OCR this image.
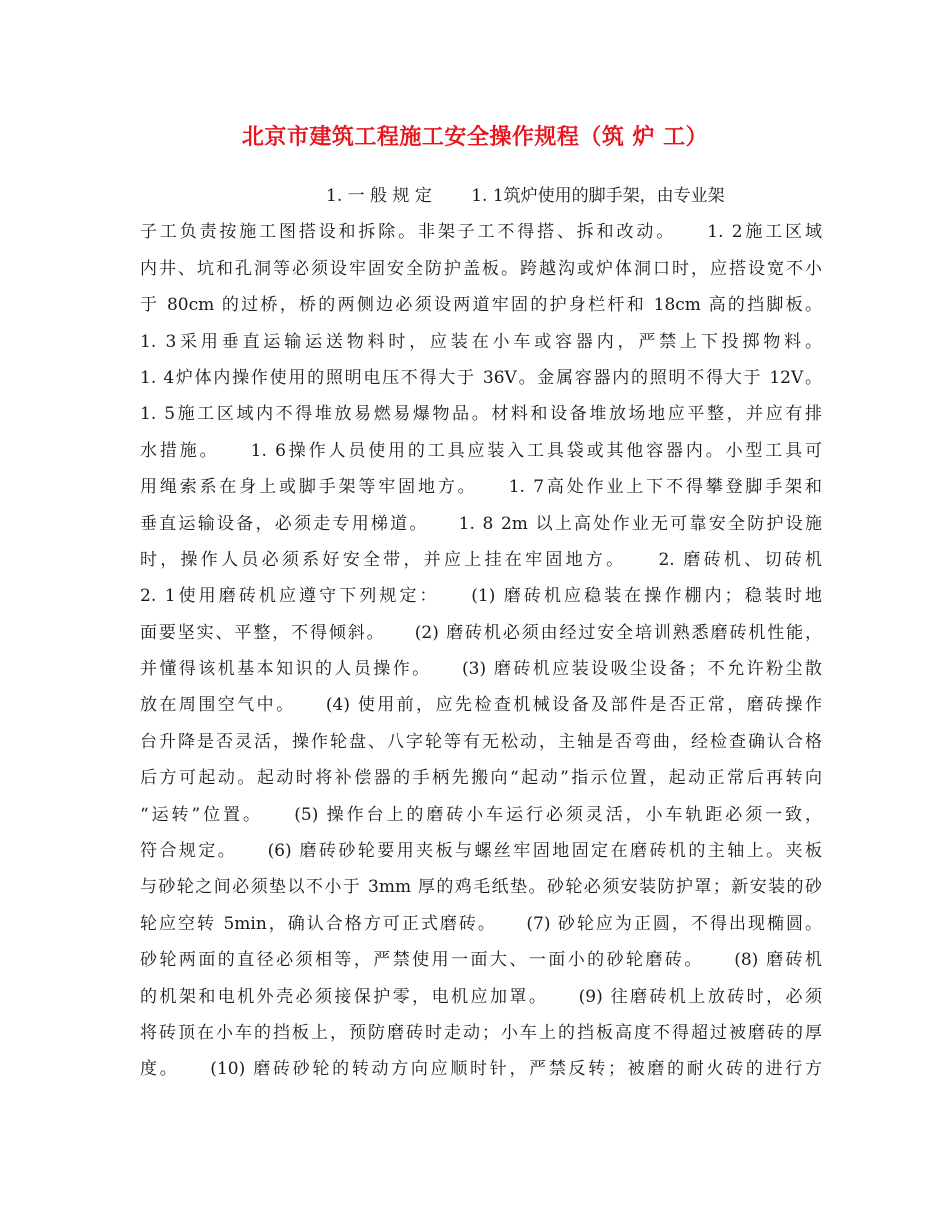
北京市建筑工程施工安全操作规程（筑 炉 工）
1. 一 般 规 定 　　1. 1筑炉使用的脚手架，由专业架
子工负责按施工图搭设和拆除。非架子工不得搭、拆和改动。　　1. 2施工区域
内井、坑和孔洞等必须设牢固安全防护盖板。跨越沟或炉体洞口时，应搭设宽不小
于 80cm 的过桥，桥的两侧边必须设两道牢固的护身栏杆和 18cm 高的挡脚板。
1. 3采用垂直运输运送物料时，应装在小车或容器内，严禁上下投掷物料。
1. 4炉体内操作使用的照明电压不得大于 36V。金属容器内的照明不得大于 12V。
1. 5施工区域内不得堆放易燃易爆物品。材料和设备堆放场地应平整，并应有排
水措施。　　1. 6操作人员使用的工具应装入工具袋或其他容器内。小型工具可
用绳索系在身上或脚手架等牢固地方。　　1. 7高处作业上下不得攀登脚手架和
垂直运输设备，必须走专用梯道。　　1. 8 2m 以上高处作业无可靠安全防护设施
时，操作人员必须系好安全带，并应上挂在牢固地方。　　2. 磨砖机、切砖机
2. 1使用磨砖机应遵守下列规定：　　(1) 磨砖机应稳装在操作棚内；稳装时地
面要坚实、平整，不得倾斜。　　(2) 磨砖机必须由经过安全培训熟悉磨砖机性能，
并懂得该机基本知识的人员操作。　　(3) 磨砖机应装设吸尘设备；不允许粉尘散
放在周围空气中。　　(4) 使用前，应先检查机械设备及部件是否正常，磨砖操作
台升降是否灵活，操作轮盘、八字轮等有无松动，主轴是否弯曲，经检查确认合格
后方可起动。起动时将补偿器的手柄先搬向“起动”指示位置，起动正常后再转向
“运转”位置。　　(5) 操作台上的磨砖小车运行必须灵活，小车轨距必须一致，
符合规定。　　(6) 磨砖砂轮要用夹板与螺丝牢固地固定在磨砖机的主轴上。夹板
与砂轮之间必须垫以不小于 3mm 厚的鸡毛纸垫。砂轮必须安装防护罩；新安装的砂
轮应空转 5min，确认合格方可正式磨砖。　　(7) 砂轮应为正圆，不得出现椭圆。
砂轮两面的直径必须相等，严禁使用一面大、一面小的砂轮磨砖。　　(8) 磨砖机
的机架和电机外壳必须接保护零，电机应加罩。　　(9) 往磨砖机上放砖时，必须
将砖顶在小车的挡板上，预防磨砖时走动；小车上的挡板高度不得超过被磨砖的厚
度。　　(10) 磨砖砂轮的转动方向应顺时针，严禁反转；被磨的耐火砖的进行方
